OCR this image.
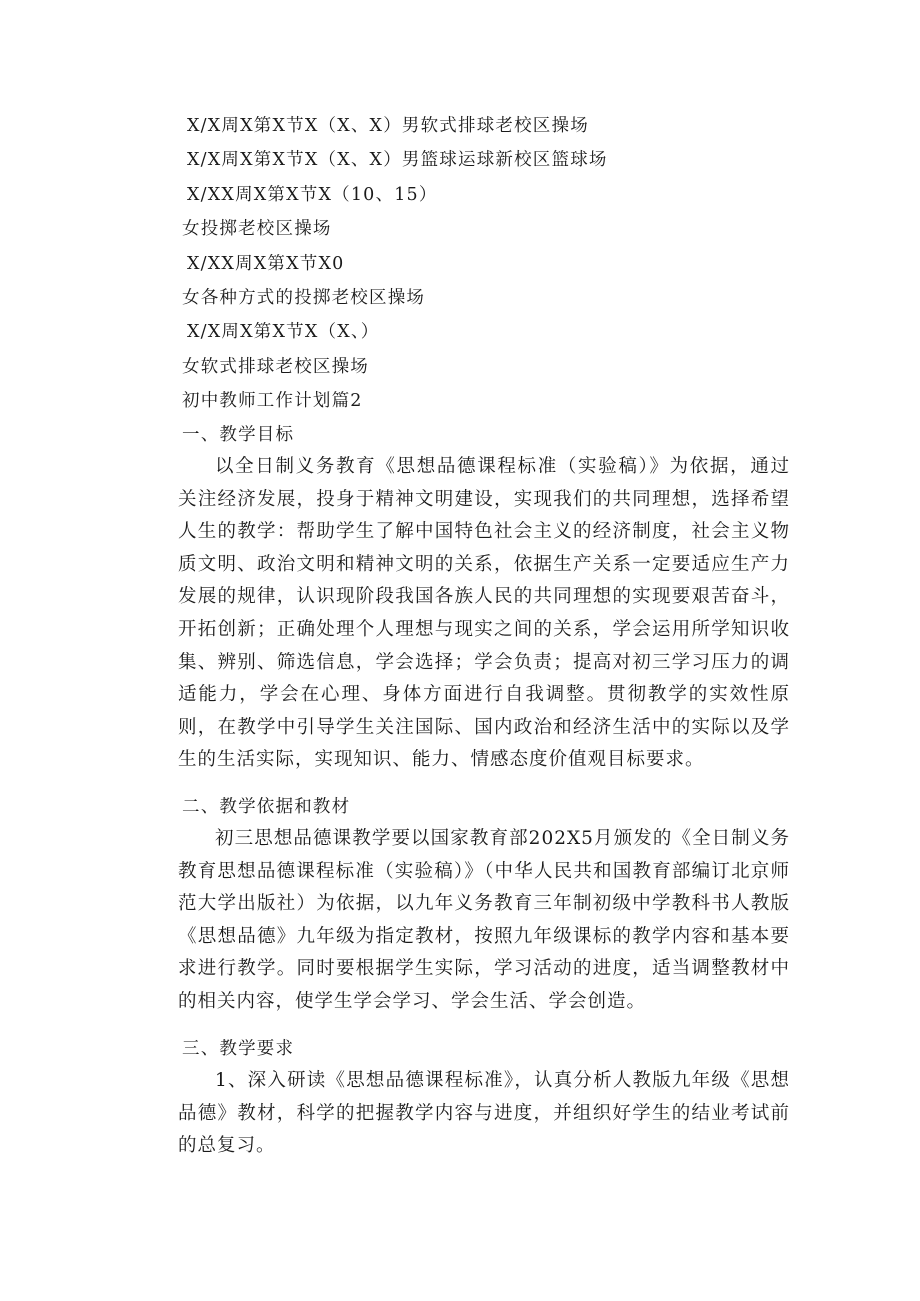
X/X周X第X节X（X、X）男软式排球老校区操场
X/X周X第X节X（X、X）男篮球运球新校区篮球场
X/XX周X第X节X（10、15）
女投掷老校区操场
X/XX周X第X节X0
女各种方式的投掷老校区操场
X/X周X第X节X（X、）
女软式排球老校区操场
初中教师工作计划篇2
一、教学目标

以全日制义务教育《思想品德课程标准（实验稿）》为依据，通过关注经济发展，投身于精神文明建设，实现我们的共同理想，选择希望人生的教学：帮助学生了解中国特色社会主义的经济制度，社会主义物质文明、政治文明和精神文明的关系，依据生产关系一定要适应生产力发展的规律，认识现阶段我国各族人民的共同理想的实现要艰苦奋斗，开拓创新；正确处理个人理想与现实之间的关系，学会运用所学知识收集、辨别、筛选信息，学会选择；学会负责；提高对初三学习压力的调适能力，学会在心理、身体方面进行自我调整。贯彻教学的实效性原则，在教学中引导学生关注国际、国内政治和经济生活中的实际以及学生的生活实际，实现知识、能力、情感态度价值观目标要求。

二、教学依据和教材

初三思想品德课教学要以国家教育部202X5月颁发的《全日制义务教育思想品德课程标准（实验稿）》（中华人民共和国教育部编订北京师范大学出版社）为依据，以九年义务教育三年制初级中学教科书人教版《思想品德》九年级为指定教材，按照九年级课标的教学内容和基本要求进行教学。同时要根据学生实际，学习活动的进度，适当调整教材中的相关内容，使学生学会学习、学会生活、学会创造。

三、教学要求

1、深入研读《思想品德课程标准》，认真分析人教版九年级《思想品德》教材，科学的把握教学内容与进度，并组织好学生的结业考试前的总复习。
